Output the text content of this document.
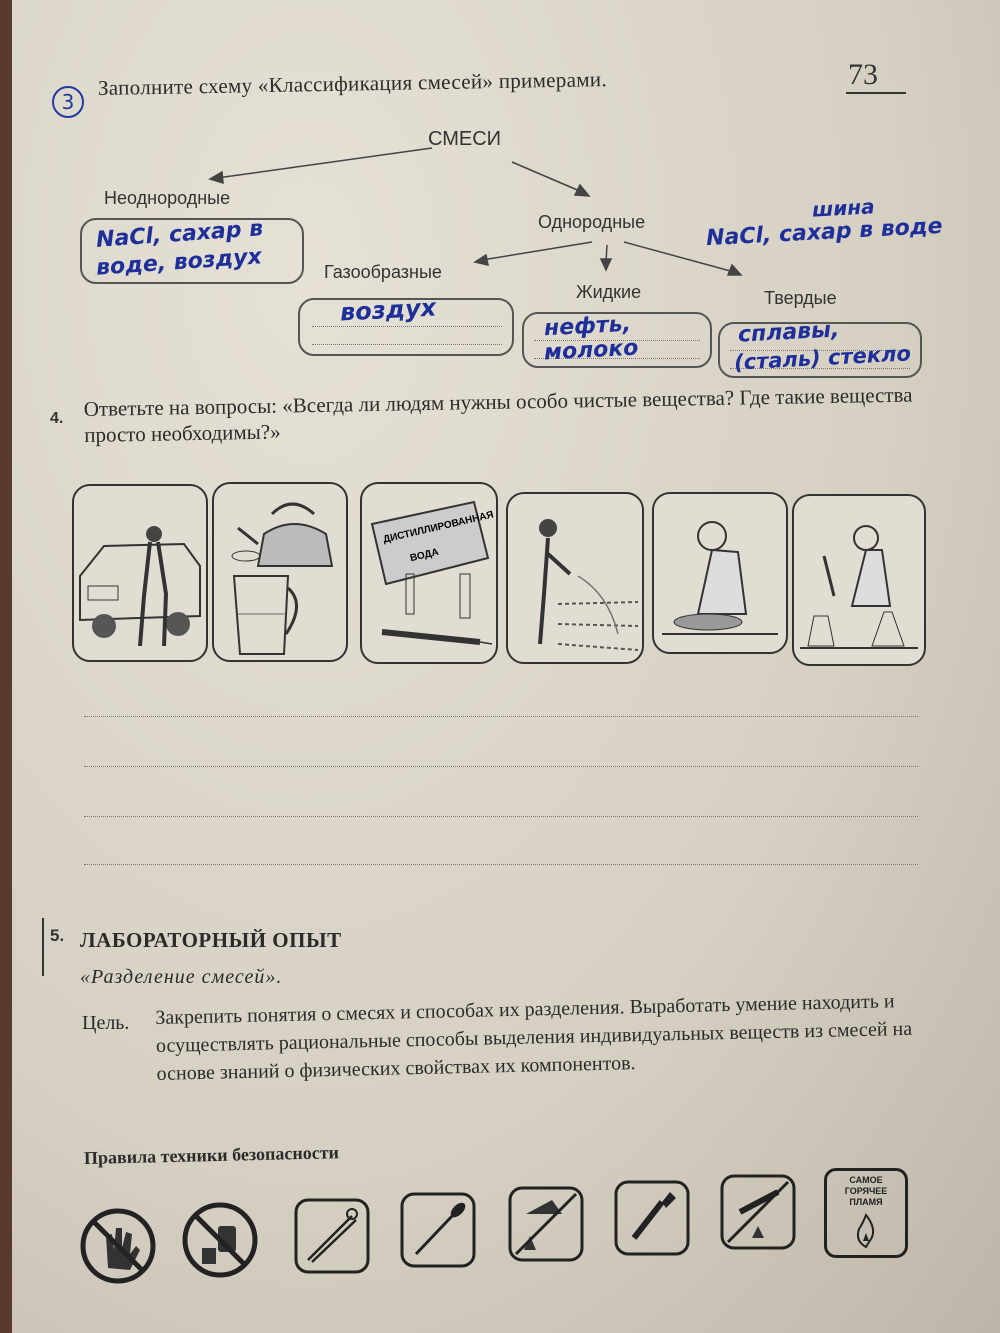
73
3
Заполните схему «Классификация смесей» примерами.
СМЕСИ
Неоднородные
Однородные
Газообразные
Жидкие	Твердые
NaCl, сахар в
воде, воздух
шина
NaCl, сахар в воде
воздух
нефть,
молоко
сплавы,
(сталь) стекло
4. Ответьте на вопросы: «Всегда ли людям нужны особо чистые вещества? Где такие вещества просто необходимы?»
ДИСТИЛЛИРОВАННАЯ
ВОДА
5. ЛАБОРАТОРНЫЙ ОПЫТ
«Разделение смесей».
Цель. Закрепить понятия о смесях и способах их разделения. Выработать умение находить и осуществлять рациональные способы выделения индивидуальных веществ из смесей на основе знаний о физических свойствах их компонентов.
Правила техники безопасности
САМОЕ
ГОРЯЧЕЕ
ПЛАМЯ
